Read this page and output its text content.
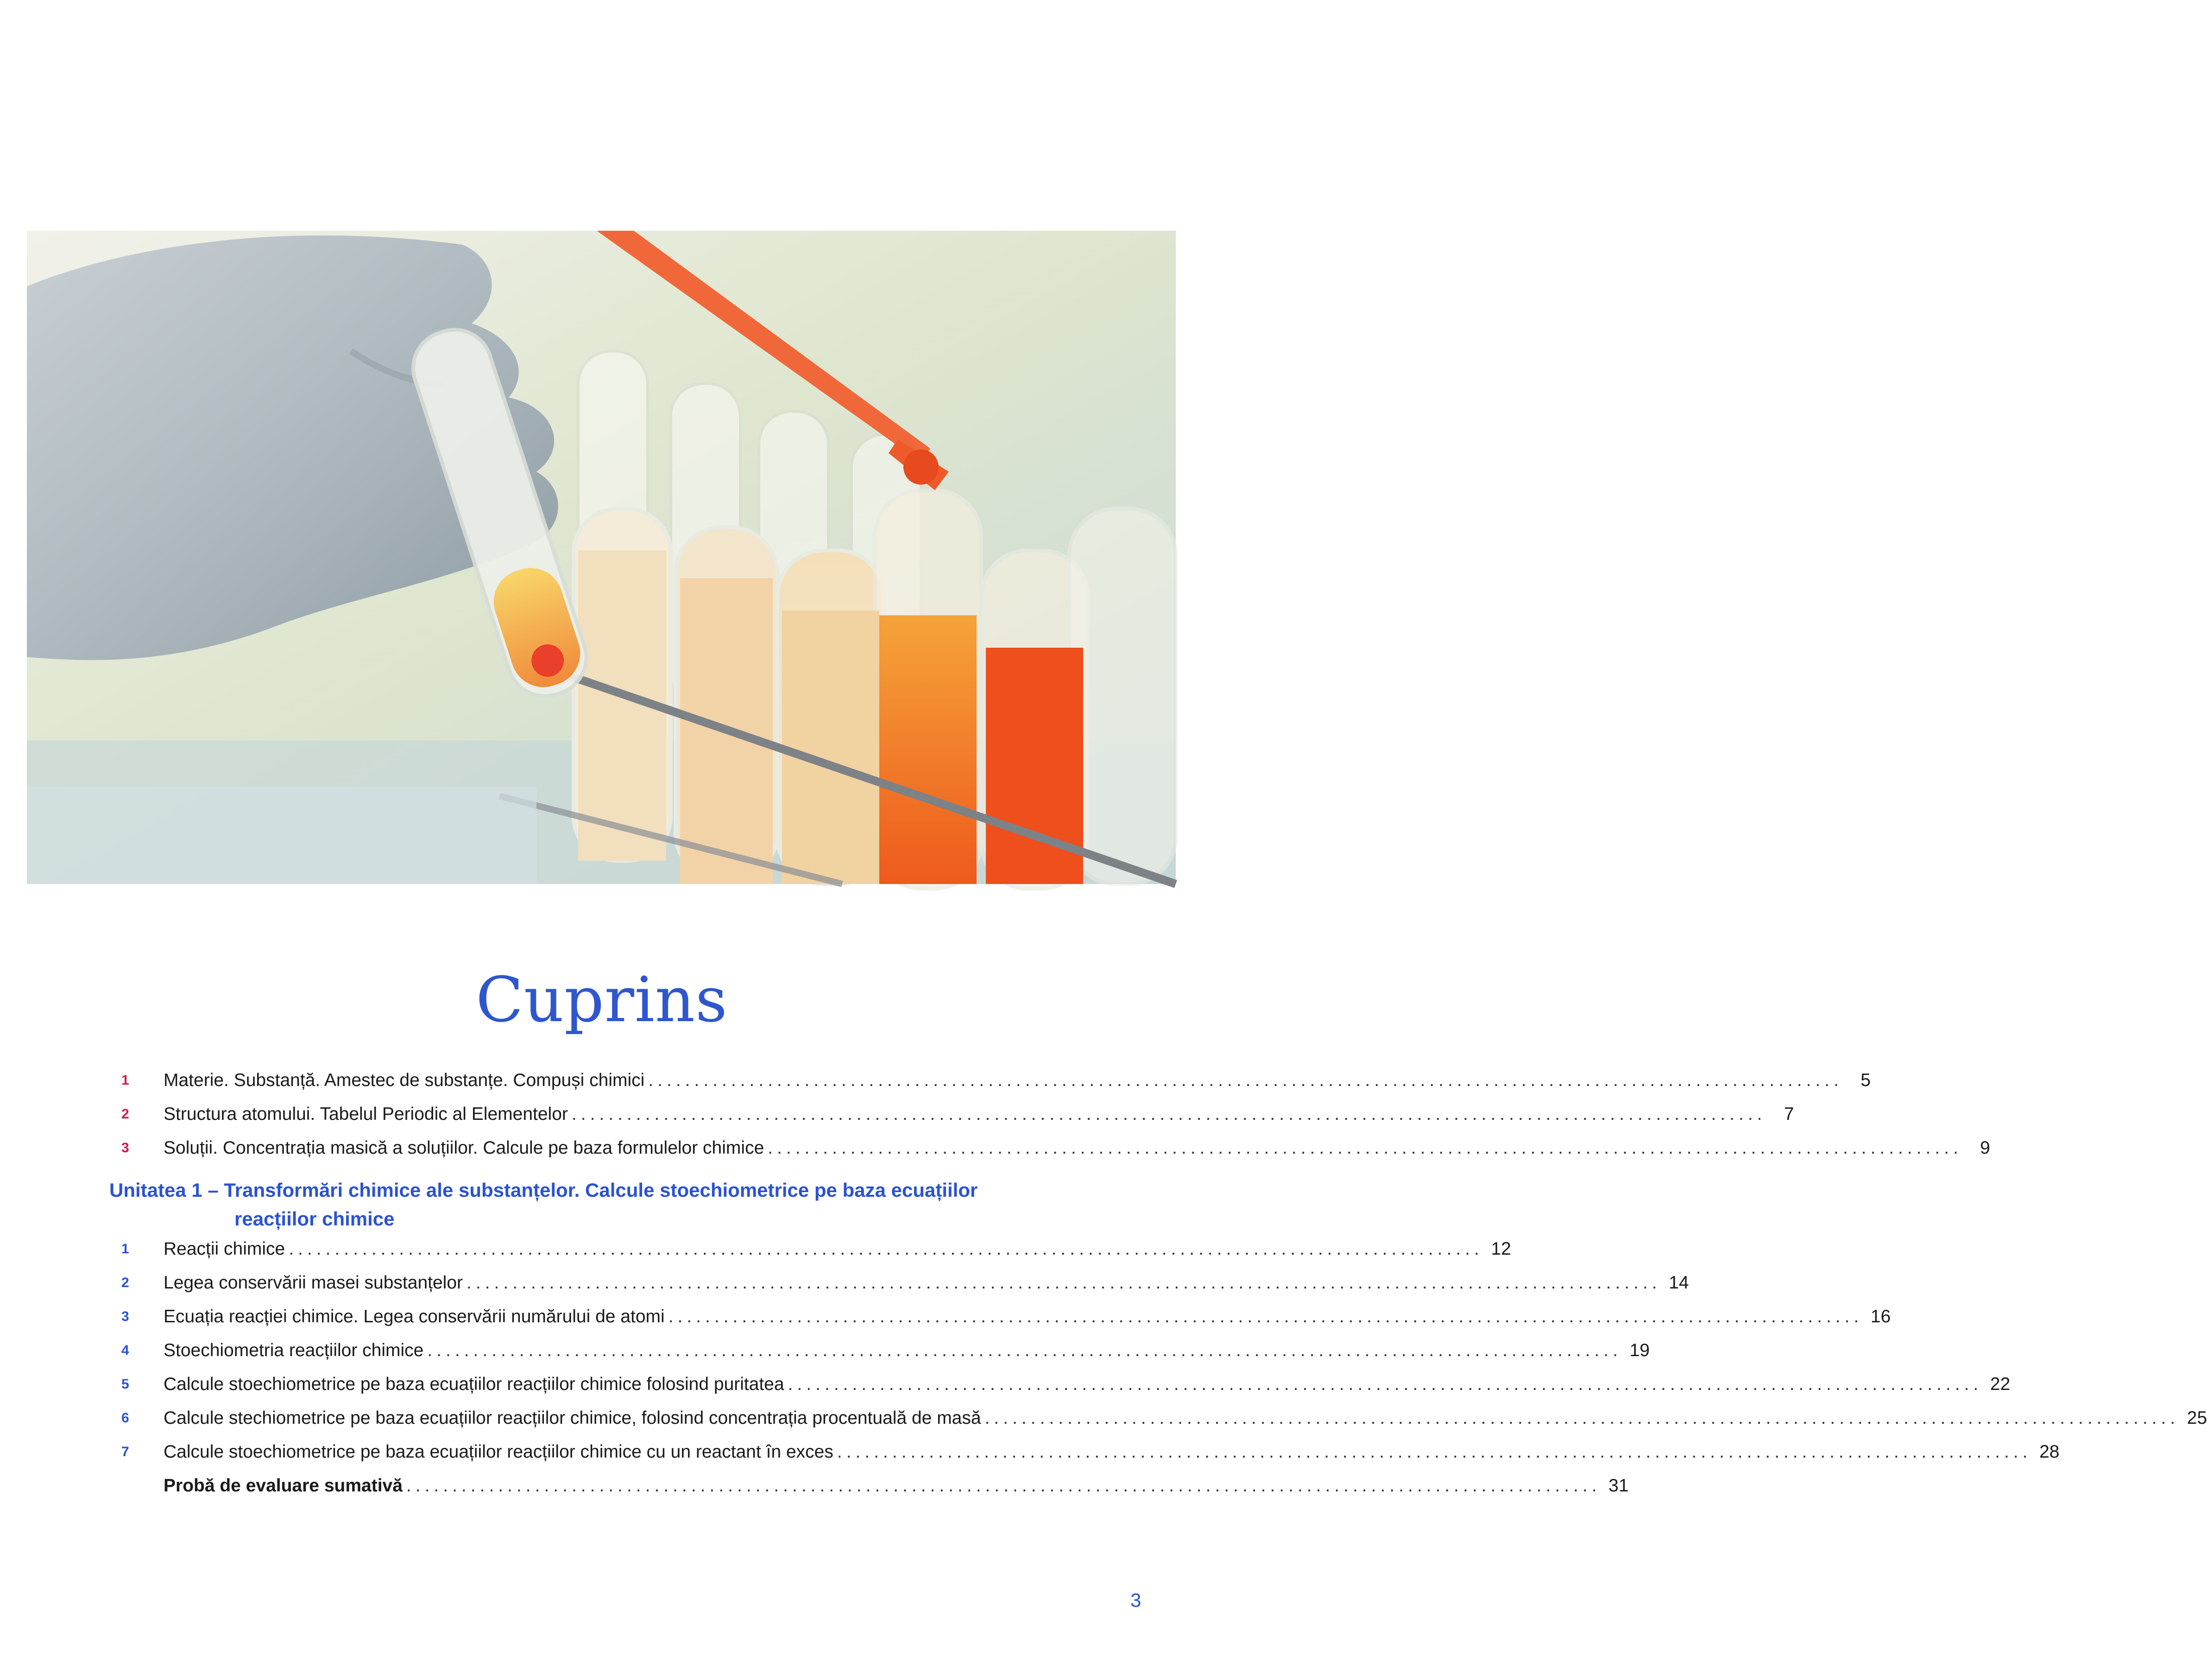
Cuprins
1	Materie. Substanță. Amestec de substanțe. Compuși chimici .................................................................................................................................. 5
2	Structura atomului. Tabelul Periodic al Elementelor .................................................................................................................................. 7
3	Soluții. Concentrația masică a soluțiilor. Calcule pe baza formulelor chimice .................................................................................................................................. 9
Unitatea 1 – Transformări chimice ale substanțelor. Calcule stoechiometrice pe baza ecuațiilor
reacțiilor chimice
1	Reacții chimice .................................................................................................................................. 12
2	Legea conservării masei substanțelor .................................................................................................................................. 14
3	Ecuația reacției chimice. Legea conservării numărului de atomi .................................................................................................................................. 16
4	Stoechiometria reacțiilor chimice .................................................................................................................................. 19
5	Calcule stoechiometrice pe baza ecuațiilor reacțiilor chimice folosind puritatea .................................................................................................................................. 22
6	Calcule stechiometrice pe baza ecuațiilor reacțiilor chimice, folosind concentrația procentuală de masă .................................................................................................................................. 25
7	Calcule stoechiometrice pe baza ecuațiilor reacțiilor chimice cu un reactant în exces .................................................................................................................................. 28
Probă de evaluare sumativă .................................................................................................................................. 31
3
